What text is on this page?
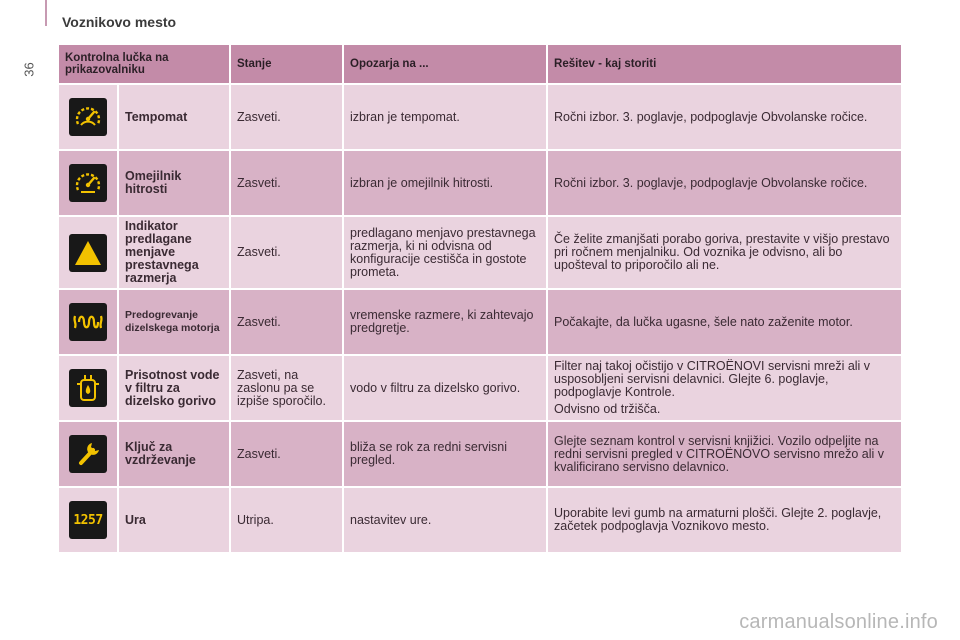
36
Voznikovo mesto
Kontrolna lučka na prikazovalniku		Stanje	Opozarja na ...	Rešitev - kaj storiti

	Tempomat	Zasveti.	izbran je tempomat.	Ročni izbor. 3. poglavje, podpoglavje Obvolanske ročice.

	Omejilnik hitrosti	Zasveti.	izbran je omejilnik hitrosti.	Ročni izbor. 3. poglavje, podpoglavje Obvolanske ročice.

	Indikator predlagane menjave prestavnega razmerja	Zasveti.	predlagano menjavo prestavnega razmerja, ki ni odvisna od konfiguracije cestišča in gostote prometa.	Če želite zmanjšati porabo goriva, prestavite v višjo prestavo pri ročnem menjalniku. Od voznika je odvisno, ali bo upošteval to priporočilo ali ne.

	Predogrevanje dizelskega motorja	Zasveti.	vremenske razmere, ki zahtevajo predgretje.	Počakajte, da lučka ugasne, šele nato zaženite motor.

	Prisotnost vode v filtru za dizelsko gorivo	Zasveti, na zaslonu pa se izpiše sporočilo.	vodo v filtru za dizelsko gorivo.	Filter naj takoj očistijo v CITROËNOVI servisni mreži ali v usposobljeni servisni delavnici. Glejte 6. poglavje, podpoglavje Kontrole.

Odvisno od tržišča.

	Ključ za vzdrževanje	Zasveti.	bliža se rok za redni servisni pregled.	Glejte seznam kontrol v servisni knjižici. Vozilo odpeljite na redni servisni pregled v CITROËNOVO servisno mrežo ali v kvalificirano servisno delavnico.

1257	Ura	Utripa.	nastavitev ure.	Uporabite levi gumb na armaturni plošči. Glejte 2. poglavje, začetek podpoglavja Voznikovo mesto.

carmanualsonline.info
